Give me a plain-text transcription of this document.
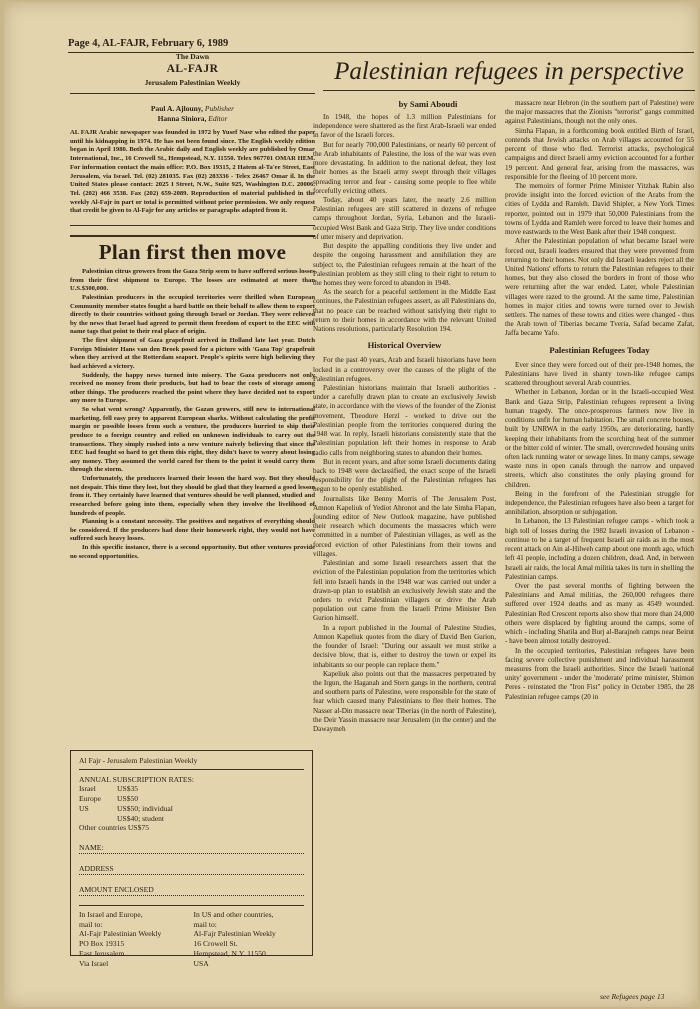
Page 4, AL-FAJR, February 6, 1989
The Dawn
AL-FAJR
Jerusalem Palestinian Weekly
Paul A. Ajlouny, Publisher
Hanna Siniora, Editor
AL FAJR Arabic newspaper was founded in 1972 by Yusef Nasr who edited the paper until his kidnapping in 1974. He has not been found since. The English weekly edition began in April 1980. Both the Arabic daily and English weekly are published by Omar International, Inc., 16 Crowell St., Hempstead, N.Y. 11550. Telex 967701 OMAR HEM. For information contact the main office: P.O. Box 19315, 2 Hatem al-Ta'ee Street, East Jerusalem, via Israel. Tel. (02) 281035. Fax (02) 283336 - Telex 26467 Omar il. In the United States please contact: 2025 I Street, N.W., Suite 925, Washington D.C. 20006. Tel. (202) 466 3538. Fax (202) 659-2089. Reproduction of material published in the weekly Al-Fajr in part or total is permitted without prior permission. We only request that credit be given to Al-Fajr for any articles or paragraphs adapted from it.
Plan first then move

Palestinian citrus growers from the Gaza Strip seem to have suffered serious losses from their first shipment to Europe. The losses are estimated at more than U.S.$300,000.

Palestinian producers in the occupied territories were thrilled when European Community member states fought a hard battle on their behalf to allow them to export directly to their countries without going through Israel or Jordan. They were relieved by the news that Israel had agreed to permit them freedom of export to the EEC with name tags that point to their real place of origin.

The first shipment of Gaza grapefruit arrived in Holland late last year. Dutch Foreign Minister Hans van den Broek posed for a picture with 'Gaza Top' grapefruit when they arrived at the Rotterdam seaport. People's spirits were high believing they had achieved a victory.

Suddenly, the happy news turned into misery. The Gaza producers not only received no money from their products, but had to bear the costs of storage among other things. The producers reached the point where they have decided not to export any more to Europe.

So what went wrong? Apparently, the Gazan growers, still new to international marketing, fell easy prey to apparent European sharks. Without calculating the profit margin or possible losses from such a venture, the producers hurried to ship their produce to a foreign country and relied on unknown individuals to carry out the transactions. They simply rushed into a new venture naively believing that since the EEC had fought so hard to get them this right, they didn't have to worry about losing any money. They assumed the world cared for them to the point it would carry them through the storm.

Unfortunately, the producers learned their lesson the hard way. But they should not despair. This time they lost, but they should be glad that they learned a good lesson from it. They certainly have learned that ventures should be well planned, studied and researched before going into them, especially when they involve the livelihood of hundreds of people.

Planning is a constant necessity. The positives and negatives of everything should be considered. If the producers had done their homework right, they would not have suffered such heavy losses.

In this specific instance, there is a second opportunity. But other ventures provide no second opportunities.

Al Fajr - Jerusalem Palestinian Weekly
ANNUAL SUBSCRIPTION RATES:
Israel	US$35
Europe	US$50
US	US$50; individual
US$40; student
Other countries US$75
NAME:
ADDRESS
AMOUNT ENCLOSED
In Israel and Europe,
mail to:
Al-Fajr Palestinian Weekly
PO Box 19315
East Jerusalem
Via Israel
In US and other countries,
mail to:
Al-Fajr Palestinian Weekly
16 Crowell St.
Hempstead, N.Y. 11550
USA
Palestinian refugees in perspective
by Sami Aboudi

In 1948, the hopes of 1.3 million Palestinians for independence were shattered as the first Arab-Israeli war ended in favor of the Israeli forces.

But for nearly 700,000 Palestinians, or nearly 60 percent of the Arab inhabitants of Palestine, the loss of the war was even more devastating. In addition to the national defeat, they lost their homes as the Israeli army swept through their villages spreading terror and fear - causing some people to flee while forcefully evicting others.

Today, about 40 years later, the nearly 2.6 million Palestinian refugees are still scattered in dozens of refugee camps throughout Jordan, Syria, Lebanon and the Israeli-occupied West Bank and Gaza Strip. They live under conditions of utter misery and deprivation.

But despite the appalling conditions they live under and despite the ongoing harassment and annihilation they are subject to, the Palestinian refugees remain at the heart of the Palestinian problem as they still cling to their right to return to the homes they were forced to abandon in 1948.

As the search for a peaceful settlement in the Middle East continues, the Palestinian refugees assert, as all Palestinians do, that no peace can be reached without satisfying their right to return to their homes in accordance with the relevant United Nations resolutions, particularly Resolution 194.

Historical Overview

For the past 40 years, Arab and Israeli historians have been locked in a controversy over the causes of the plight of the Palestinian refugees.

Palestinian historians maintain that Israeli authorities - under a carefully drawn plan to create an exclusively Jewish state, in accordance with the views of the founder of the Zionist movement, Theodore Herzl - worked to drive out the Palestinian people from the territories conquered during the 1948 war. In reply, Israeli historians consistently state that the Palestinian population left their homes in response to Arab radio calls from neighboring states to abandon their homes.

But in recent years, and after some Israeli documents dating back to 1948 were declassified, the exact scope of the Israeli responsibility for the plight of the Palestinian refugees has begun to be openly established.

Journalists like Benny Morris of The Jerusalem Post, Amnon Kapeliuk of Yediot Ahronot and the late Simha Flapan, founding editor of New Outlook magazine, have published their research which documents the massacres which were committed in a number of Palestinian villages, as well as the forced eviction of other Palestinians from their towns and villages.

Palestinian and some Israeli researchers assert that the eviction of the Palestinian population from the territories which fell into Israeli hands in the 1948 war was carried out under a drawn-up plan to establish an exclusively Jewish state and the orders to evict Palestinian villagers or drive the Arab population out came from the Israeli Prime Minister Ben Gurion himself.

In a report published in the Journal of Palestine Studies, Amnon Kapeliuk quotes from the diary of David Ben Gurion, the founder of Israel: "During our assault we must strike a decisive blow, that is, either to destroy the town or expel its inhabitants so our people can replace them."

Kapeliuk also points out that the massacres perpetrated by the Irgun, the Haganah and Stern gangs in the northern, central and southern parts of Palestine, were responsible for the state of fear which caused many Palestinians to flee their homes. The Nasser al-Din massacre near Tiberias (in the north of Palestine), the Deir Yassin massacre near Jerusalem (in the center) and the Dawaymeh

massacre near Hebron (in the southern part of Palestine) were the major massacres that the Zionists "terrorist" gangs committed against Palestinians, though not the only ones.

Simha Flapan, in a forthcoming book entitled Birth of Israel, contends that Jewish attacks on Arab villages accounted for 55 percent of those who fled. Terrorist attacks, psychological campaigns and direct Israeli army eviction accounted for a further 19 percent. And general fear, arising from the massacres, was responsible for the fleeing of 10 percent more.

The memoirs of former Prime Minister Yitzhak Rabin also provide insight into the forced eviction of the Arabs from the cities of Lydda and Ramleh. David Shipler, a New York Times reporter, pointed out in 1979 that 50,000 Palestinians from the towns of Lydda and Ramleh were forced to leave their homes and move eastwards to the West Bank after their 1948 conquest.

After the Palestinian population of what became Israel were forced out, Israeli leaders ensured that they were prevented from returning to their homes. Not only did Israeli leaders reject all the United Nations' efforts to return the Palestinian refugees to their homes, but they also closed the borders in front of those who were returning after the war ended. Later, whole Palestinian villages were razed to the ground. At the same time, Palestinian homes in major cities and towns were turned over to Jewish settlers. The names of these towns and cities were changed - thus the Arab town of Tiberias became Tveria, Safad became Zafat, Jaffa became Yafo.

Palestinian Refugees Today

Ever since they were forced out of their pre-1948 homes, the Palestinians have lived in shanty town-like refugee camps scattered throughout several Arab countries.

Whether in Lebanon, Jordan or in the Israeli-occupied West Bank and Gaza Strip, Palestinian refugees represent a living human tragedy. The once-prosperous farmers now live in conditions unfit for human habitation. The small concrete houses, built by UNRWA in the early 1950s, are deteriorating, hardly keeping their inhabitants from the scorching heat of the summer or the bitter cold of winter. The small, overcrowded housing units often lack running water or sewage lines. In many camps, sewage waste runs in open canals through the narrow and unpaved streets, which also constitutes the only playing ground for children.

Being in the forefront of the Palestinian struggle for independence, the Palestinian refugees have also been a target for annihilation, absorption or subjugation.

In Lebanon, the 13 Palestinian refugee camps - which took a high toll of losses during the 1982 Israeli invasion of Lebanon - continue to be a target of frequent Israeli air raids as in the most recent attack on Ain al-Hilweh camp about one month ago, which left 41 people, including a dozen children, dead. And, in between Israeli air raids, the local Amal militia takes its turn in shelling the Palestinian camps.

Over the past several months of fighting between the Palestinians and Amal militias, the 260,000 refugees there suffered over 1924 deaths and as many as 4549 wounded. Palestinian Red Crescent reports also show that more than 24,000 others were displaced by fighting around the camps, some of which - including Shatila and Burj al-Barajneh camps near Beirut - have been almost totally destroyed.

In the occupied territories, Palestinian refugees have been facing severe collective punishment and individual harassment measures from the Israeli authorities. Since the Israeli 'national unity' government - under the 'moderate' prime minister, Shimon Peres - reinstated the "Iron Fist" policy in October 1985, the 28 Palestinian refugee camps (20 in

see Refugees page 13
